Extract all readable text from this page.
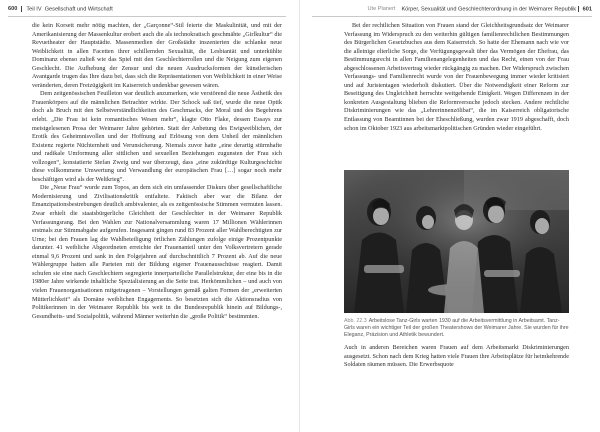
600 Teil IV Gesellschaft und Wirtschaft

die kein Korsett mehr nötig machten, der „Garçonne“-Stil feierte die Maskulinität, und mit der Amerikanisierung der Massenkultur erobert auch die als technokratisch geschmähte „Girlkultur“ die Revuetheater der Hauptstädte. Massenmedien der Großstädte inszenierten die schlanke neue Weiblichkeit in allen Facetten ihrer schillernden Sexualität, die Lesbiantät und unterkühlte Dominanz ebenso zuließ wie das Spiel mit den Geschlechterrollen und die Neigung zum eigenen Geschlecht. Die Aufhebung der Zensur und die neuen Ausdrucksformen der künstlerischen Avantgarde trugen das Ihre dazu bei, dass sich die Repräsentationen von Weiblichkeit in einer Weise veränderten, deren Freizügigkeit im Kaiserreich undenkbar gewesen wären.

Dem zeitgenössischen Feuilleton war deutlich anzumerken, wie verstörend die neue Ästhetik des Frauenkörpers auf die männlichen Betrachter wirkte. Der Schock saß tief, wurde die neue Optik doch als Bruch mit den Selbstverständlichkeiten des Geschmacks, der Moral und des Begehrens erlebt. „Die Frau ist kein romantisches Wesen mehr“, klagte Otto Flake, dessen Essays zur meistgelesenen Prosa der Weimarer Jahre gehörten. Statt der Anbetung des Ewigweiblichen, der Erotik des Geheimnisvollen und der Hoffnung auf Erlösung von dem Unheil der männlichen Existenz regierte Nüchternheit und Verunsicherung. Niemals zuvor hatte „eine derartig stürmhafte und radikale Umformung aller sittlichen und sexuellen Beziehungen zugunsten der Frau sich vollzogen“, konstatierte Stefan Zweig und war überzeugt, dass „eine zukünftige Kulturgeschichte diese vollkommene Umwertung und Verwandlung der europäischen Frau […] sogar noch mehr beschäftigen wird als der Weltkrieg“.

Die „Neue Frau“ wurde zum Topos, an dem sich ein umfassender Diskurs über gesellschaftliche Modernisierung und Zivilisationskritik entfaltete. Faktisch aber war die Bilanz der Emanzipationsbestrebungen deutlich ambivalenter, als es zeitgenössische Stimmen vermuten lassen. Zwar erhielt die staatsbürgerliche Gleichheit der Geschlechter in der Weimarer Republik Verfassungsrang. Bei den Wahlen zur Nationalversammlung waren 17 Millionen Wählerinnen erstmals zur Stimmabgabe aufgerufen. Insgesamt gingen rund 83 Prozent aller Wahlberechtigten zur Urne; bei den Frauen lag die Wahlbeteiligung örtlichen Zählungen zufolge einige Prozentpunkte darunter. 41 weibliche Abgeordneten erreichte der Frauenanteil unter den Volksvertretern gerade einmal 9,6 Prozent und sank in den Folgejahren auf durchschnittlich 7 Prozent ab. Auf die neue Wählergruppe hatten alle Parteien mit der Bildung eigener Frauenausschüsse reagiert. Damit schufen sie eine nach Geschlechtern segregierte innerparteiliche Parallelstruktur, der eine bis in die 1980er Jahre wirkende inhaltliche Spezialisierung an die Seite trat. Herkömmlichen – und auch von vielen Frauenorganisationen mitgetragenen – Vorstellungen gemäß galten Formen der „erweiterten Mütterlichkeit“ als Domäne weiblichen Engagements. So besetzten sich die Aktionsradius von Politikerinnen in der Weimarer Republik bis weit in die Bundesrepublik hinein auf Bildungs-, Gesundheits- und Sozialpolitik, während Männer weiterhin die „große Politik“ bestimmten.

Ute Planert Körper, Sexualität und Geschlechterordnung in der Weimarer Republik 601

Bei der rechtlichen Situation von Frauen stand der Gleichheitsgrundsatz der Weimarer Verfassung im Widerspruch zu den weiterhin gültigen familienrechtlichen Bestimmungen des Bürgerlichen Gesetzbuches aus dem Kaiserreich. So hatte der Ehemann nach wie vor die alleinige elterliche Sorge, die Verfügungsgewalt über das Vermögen der Ehefrau, das Bestimmungsrecht in allen Familienangelegenheiten und das Recht, einen von der Frau abgeschlossenen Arbeitsvertrag wieder rückgängig zu machen. Der Widerspruch zwischen Verfassungs- und Familienrecht wurde von der Frauenbewegung immer wieder kritisiert und auf Juristentagen wiederholt diskutiert. Über die Notwendigkeit einer Reform zur Beseitigung des Ungleichheit herrschte weitgehende Einigkeit. Wegen Differenzen in der konkreten Ausgestaltung blieben die Reformversuche jedoch stecken. Andere rechtliche Diskriminierungen wie das „Lehrerinnenzölibat“, die im Kaiserreich obligatorische Entlassung von Beamtinnen bei der Eheschließung, wurden zwar 1919 abgeschafft, doch schon im Oktober 1923 aus arbeitsmarktpolitischen Gründen wieder eingeführt.

Abb. 22.3 Arbeitslose Tanz-Girls warten 1930 auf die Arbeitsvermittlung in Arbeitsamt. Tanz-Girls waren ein wichtiger Teil der großen Theatershows der Weimarer Jahre. Sie wurden für ihre Eleganz, Präzision und Athletik bewundert.

Auch in anderen Bereichen waren Frauen auf dem Arbeitsmarkt Diskriminierungen ausgesetzt. Schon nach dem Krieg hatten viele Frauen ihre Arbeitsplätze für heimkehrende Soldaten räumen müssen. Die Erwerbsquote
